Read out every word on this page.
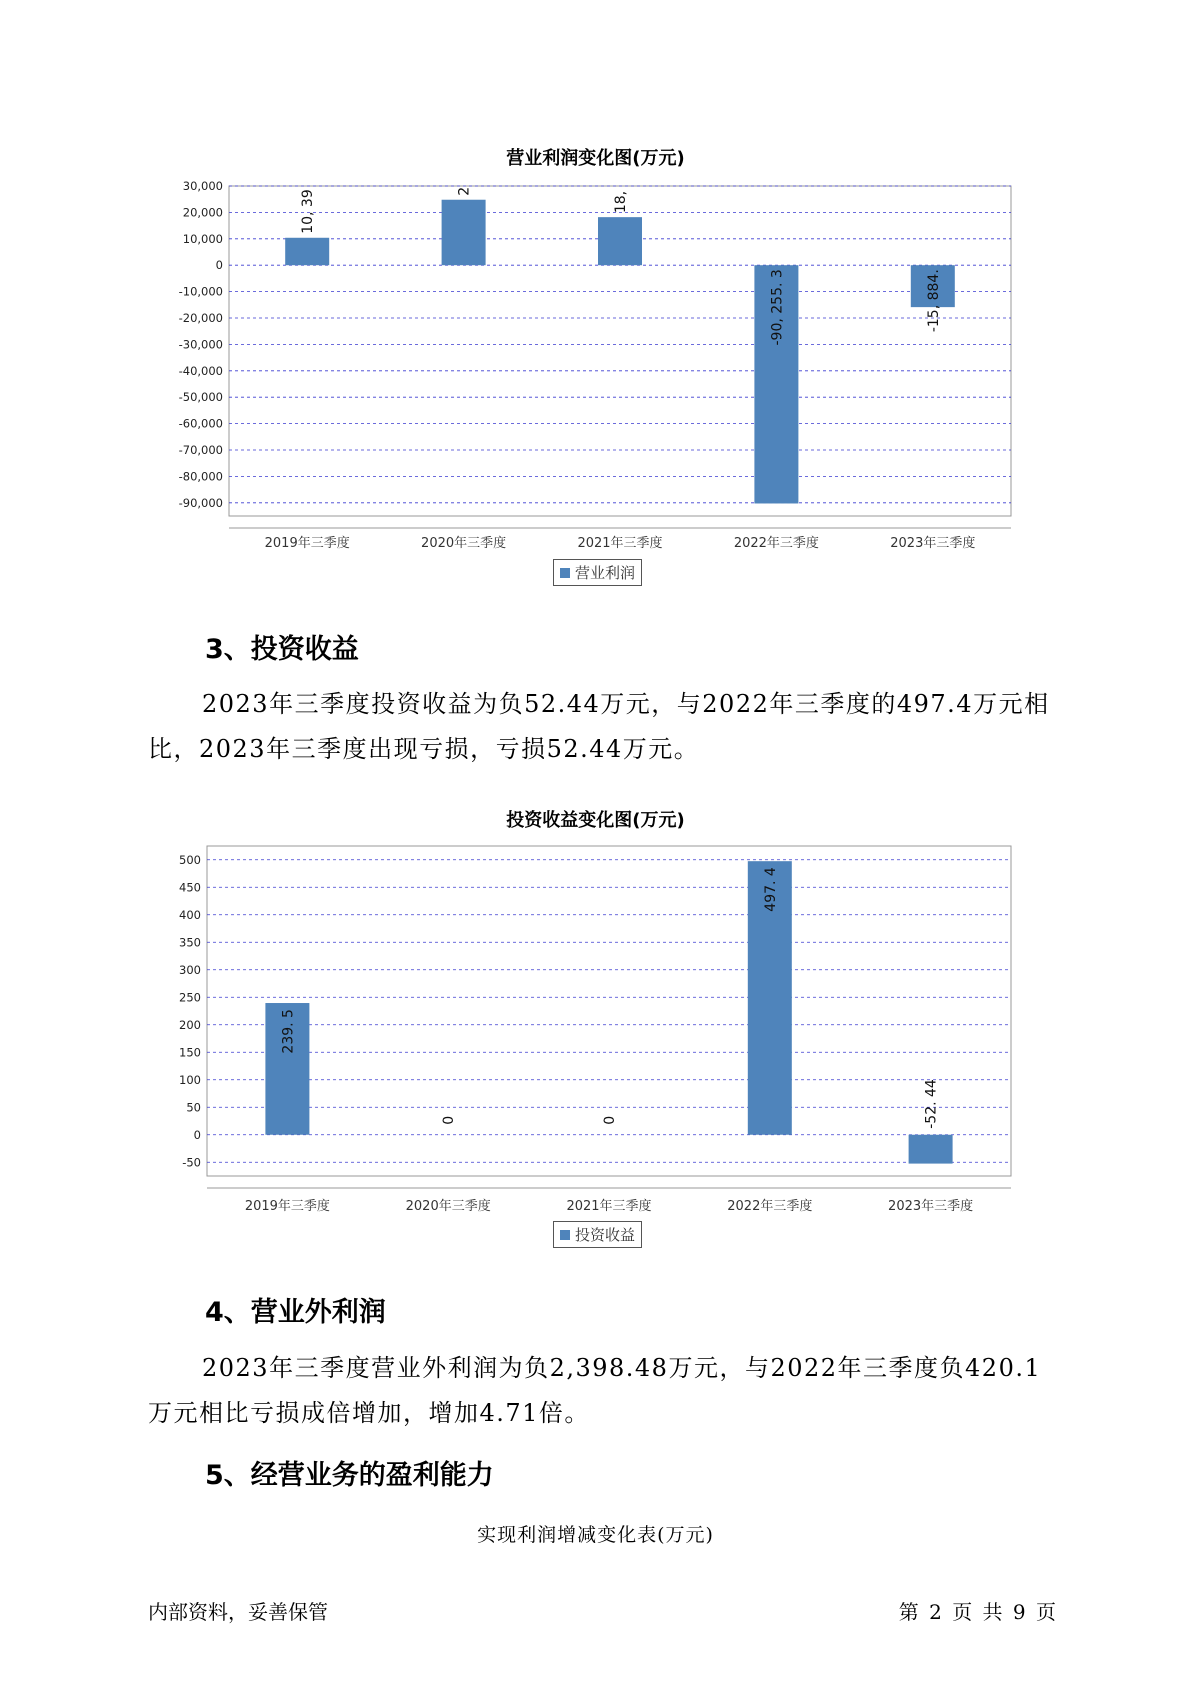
营业利润变化图(万元)
30,000
20,000
10,000
0
-10,000
-20,000
-30,000
-40,000
-50,000
-60,000
-70,000
-80,000
-90,000
10, 39
2019年三季度
2
2020年三季度
18,
2021年三季度
-90, 255. 3
2022年三季度
-15, 884.
2023年三季度
营业利润
3、投资收益

2023年三季度投资收益为负52.44万元，与2022年三季度的497.4万元相比，2023年三季度出现亏损，亏损52.44万元。

投资收益变化图(万元)
500
450
400
350
300
250
200
150
100
50
0
-50
239. 5
2019年三季度
0
2020年三季度
0
2021年三季度
497. 4
2022年三季度
-52. 44
2023年三季度
投资收益
4、营业外利润

2023年三季度营业外利润为负2,398.48万元，与2022年三季度负420.1万元相比亏损成倍增加，增加4.71倍。

5、经营业务的盈利能力
实现利润增减变化表(万元)
内部资料，妥善保管	第 2 页 共 9 页
